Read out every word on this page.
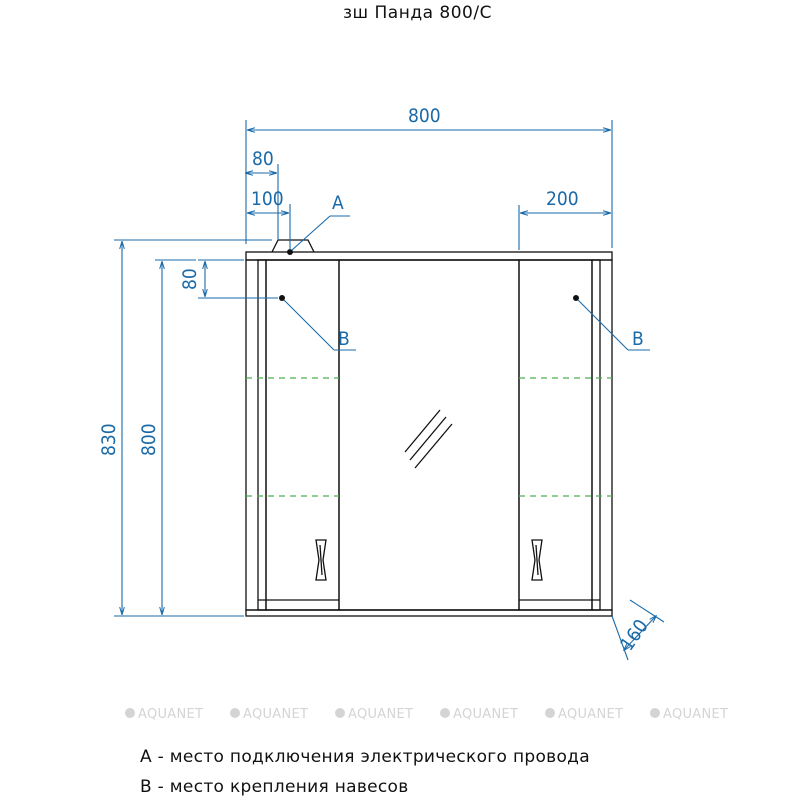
зш Панда 800/С
800
80
100	200
80
800
830
160
А
В	В
AQUANET	AQUANET	AQUANET	AQUANET	AQUANET	AQUANET
А - место подключения электрического провода
В - место крепления навесов
